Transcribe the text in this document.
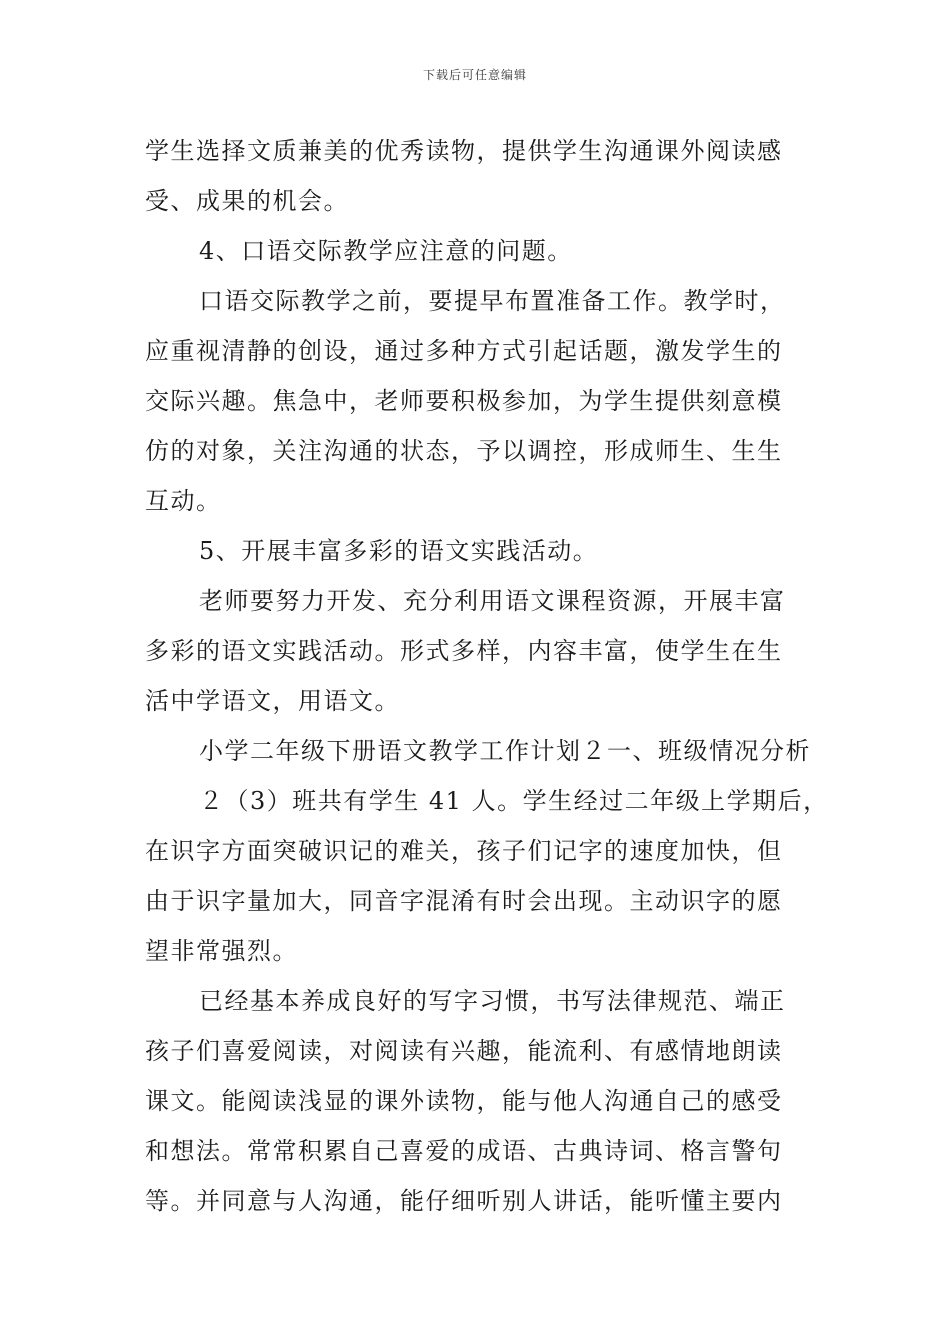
下载后可任意编辑
学生选择文质兼美的优秀读物，提供学生沟通课外阅读感
受、成果的机会。
4、口语交际教学应注意的问题。
口语交际教学之前，要提早布置准备工作。教学时，
应重视清静的创设，通过多种方式引起话题，激发学生的
交际兴趣。焦急中，老师要积极参加，为学生提供刻意模
仿的对象，关注沟通的状态，予以调控，形成师生、生生
互动。
5、开展丰富多彩的语文实践活动。
老师要努力开发、充分利用语文课程资源，开展丰富
多彩的语文实践活动。形式多样，内容丰富，使学生在生
活中学语文，用语文。
小学二年级下册语文教学工作计划２一、班级情况分析
２（3）班共有学生 41 人。学生经过二年级上学期后，
在识字方面突破识记的难关，孩子们记字的速度加快，但
由于识字量加大，同音字混淆有时会出现。主动识字的愿
望非常强烈。
已经基本养成良好的写字习惯，书写法律规范、端正
孩子们喜爱阅读，对阅读有兴趣，能流利、有感情地朗读
课文。能阅读浅显的课外读物，能与他人沟通自己的感受
和想法。常常积累自己喜爱的成语、古典诗词、格言警句
等。并同意与人沟通，能仔细听别人讲话，能听懂主要内
